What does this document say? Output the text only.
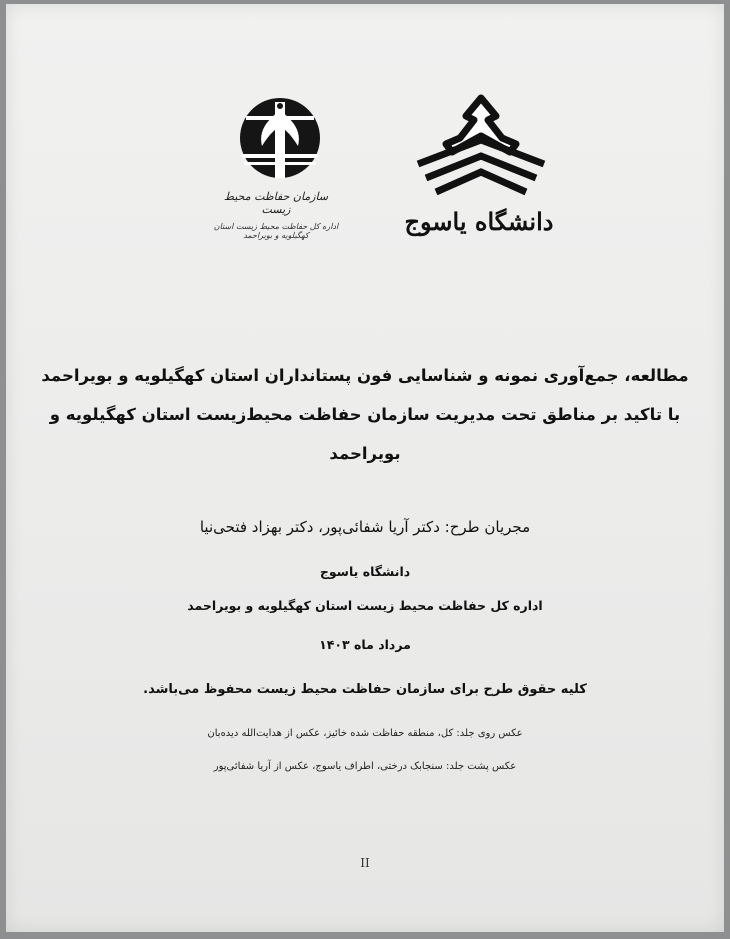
سازمان حفاظت محیط زیست
اداره کل حفاظت محیط زیست استان کهگیلویه و بویراحمد	دانشگاه یاسوج
مطالعه، جمع‌آوری نمونه و شناسایی فون پستانداران استان کهگیلویه و بویراحمد با تاکید بر مناطق تحت مدیریت سازمان حفاظت محیط‌زیست استان کهگیلویه و بویراحمد
مجریان طرح: دکتر آریا شفائی‌پور، دکتر بهزاد فتحی‌نیا
دانشگاه یاسوج
اداره کل حفاظت محیط زیست استان کهگیلویه و بویراحمد
مرداد ماه ۱۴۰۳
کلیه حقوق طرح برای سازمان حفاظت محیط زیست محفوظ می‌باشد.
عکس روی جلد: کل، منطقه حفاظت شده خائیز، عکس از هدایت‌الله دیدەبان
عکس پشت جلد: سنجابک درختی، اطراف یاسوج، عکس از آریا شفائی‌پور
II
